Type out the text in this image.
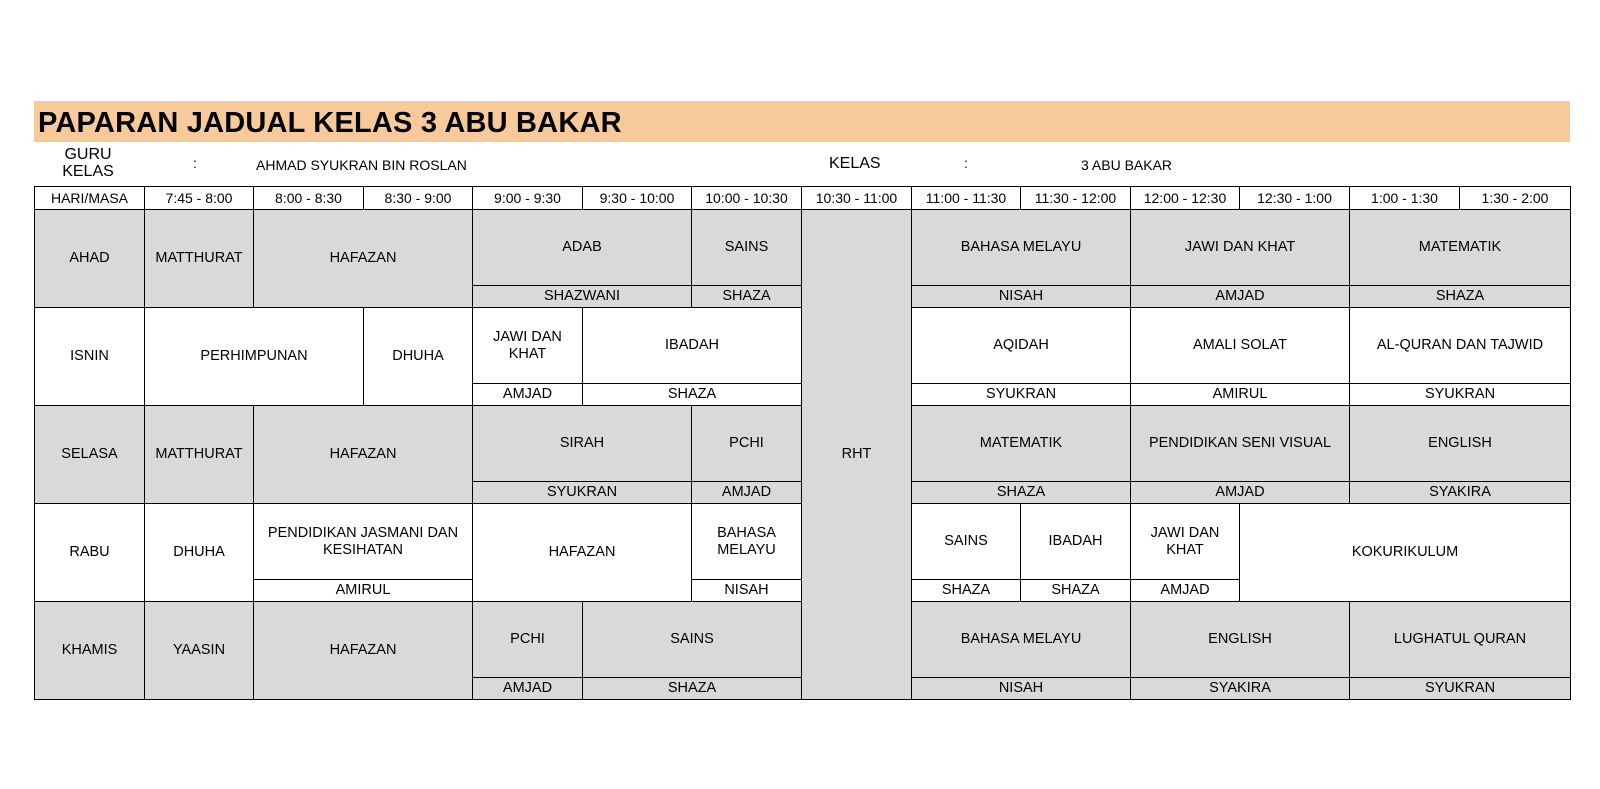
PAPARAN JADUAL KELAS 3 ABU BAKAR
GURU
KELAS	:	AHMAD SYUKRAN BIN ROSLAN	KELAS	:	3 ABU BAKAR
HARI/MASA	7:45 - 8:00	8:00 - 8:30	8:30 - 9:00	9:00 - 9:30	9:30 - 10:00	10:00 - 10:30	10:30 - 11:00	11:00 - 11:30	11:30 - 12:00	12:00 - 12:30	12:30 - 1:00	1:00 - 1:30	1:30 - 2:00
AHAD	MATTHURAT	HAFAZAN		ADAB		SAINS	RHT	BAHASA MELAYU		JAWI DAN KHAT		MATEMATIK	
				SHAZWANI		SHAZA		NISAH		AMJAD		SHAZA	
ISNIN	PERHIMPUNAN		DHUHA	JAWI DAN KHAT	IBADAH			AQIDAH		AMALI SOLAT		AL-QURAN DAN TAJWID	
				AMJAD	SHAZA			SYUKRAN		AMIRUL		SYUKRAN	
SELASA	MATTHURAT	HAFAZAN		SIRAH		PCHI		MATEMATIK		PENDIDIKAN SENI VISUAL		ENGLISH	
				SYUKRAN		AMJAD		SHAZA		AMJAD		SYAKIRA	
RABU	DHUHA	PENDIDIKAN JASMANI DAN KESIHATAN		HAFAZAN		BAHASA MELAYU		SAINS	IBADAH	JAWI DAN KHAT	KOKURIKULUM		
		AMIRUL				NISAH		SHAZA	SHAZA	AMJAD			
KHAMIS	YAASIN	HAFAZAN		PCHI	SAINS			BAHASA MELAYU		ENGLISH		LUGHATUL QURAN	
				AMJAD	SHAZA			NISAH		SYAKIRA		SYUKRAN	
